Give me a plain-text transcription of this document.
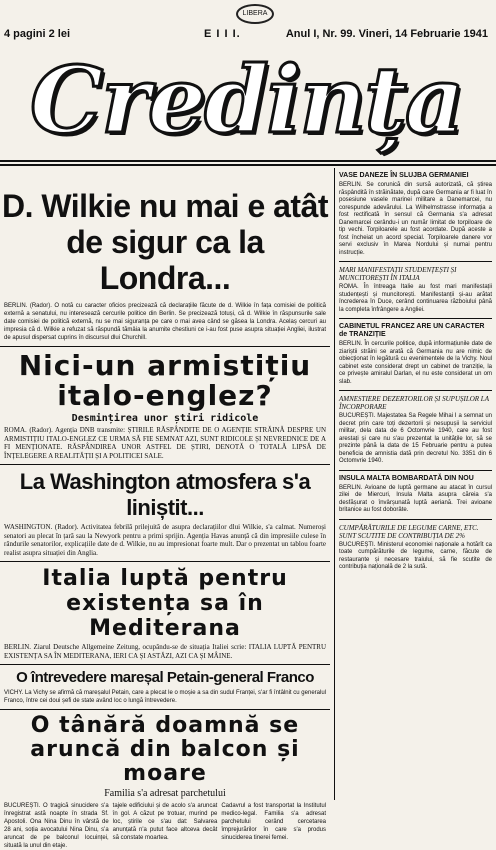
LIBERA
4 pagini 2 lei	E I I I.	Anul I, Nr. 99. Vineri, 14 Februarie 1941
Credința

D. Wilkie nu mai e atât de sigur ca la Londra...

BERLIN. (Rador). O notă cu caracter oficios precizează că declarațiile făcute de d. Wilkie în fața comisiei de politică externă a senatului, nu interesează cercurile politice din Berlin. Se precizează totuși, că d. Wilkie în răspunsurile sale date comisiei de politică externă, nu se mai siguranța pe care o mai avea când se găsea la Londra. Acelaș cercuri au impresia că d. Wilkie a refuzat să răspundă tămâia la anumite chestiuni ce i-au fost puse asupra situației Angliei, ilustrat de apusul dispersat cuprins în discursul dlui Churchill.

Nici-un armistițiu italo-englez?

Desmințirea unor știri ridicole

ROMA. (Rador). Agenția DNB transmite: ȘTIRILE RĂSPÂNDITE DE O AGENȚIE STRĂINĂ DESPRE UN ARMISTIȚIU ITALO-ENGLEZ CE URMA SĂ FIE SEMNAT AZI, SUNT RIDICOLE ȘI NEVREDNICE DE A FI MENȚIONATE. RĂSPÂNDIREA UNOR ASTFEL DE ȘTIRI, DENOTĂ O TOTALĂ LIPSĂ DE ÎNȚELEGERE A REALITĂȚII ȘI A POLITICEI SALE.

La Washington atmosfera s'a liniștit...

WASHINGTON. (Rador). Activitatea febrilă prilejuită de asupra declarațiilor dlui Wilkie, s'a calmat. Numeroși senatori au plecat în țară sau la Newyork pentru a primi sprijin. Agenția Havas anunță că din impresiile culese în rândurile senatorilor, explicațiile date de d. Wilkie, nu au impresionat foarte mult. Dar o prezentat un tablou foarte realist asupra situației din Anglia.

Italia luptă pentru existența sa în Mediterana

BERLIN. Ziarul Deutsche Allgemeine Zeitung, ocupându-se de situația Italiei scrie: ITALIA LUPTĂ PENTRU EXISTENȚA SA ÎN MEDITERANA, IERI CA ȘI ASTĂZI, AZI CA ȘI MÂINE.

O întrevedere mareșal Petain-general Franco

VICHY. La Vichy se afirmă că mareșalul Petain, care a plecat le o moșie a sa din sudul Franței, s'ar fi întâlnit cu generalul Franco, între cei doui șefi de state având loc o lungă întrevedere.

O tânără doamnă se aruncă din balcon și moare

Familia s'a adresat parchetului

BUCUREȘTI. O tragică sinucidere s'a înregistrat astă noapte în strada Sf. Apostoli. Ona Nina Dinu în vârstă de 28 ani, soția avocatului Nina Dinu, s'a aruncat de pe balconul locuinței, situată la unul din etaje.

tajele edificiului și de acolo s'a aruncat în gol. A căzut pe trotuar, murind pe loc, știrile ce s'au dat: Salvarea anunțată n'a putut face altceva decât să constate moartea.

Cadavrul a fost transportat la Institutul medico-legal. Familia s'a adresat parchetului cerând cercetarea împrejurărilor în care s'a produs sinuciderea tinerei femei.

VASE DANEZE ÎN SLUJBA GERMANIEI

BERLIN. Se corunică din sursă autorizată, că știrea răspândită în străinătate, după care Germania ar fi luat în posesiune vasele marinei militare a Danemarcei, nu corespunde adevărului. La Wilhelmstrasse informația a fost rectificată în sensul că Germania s'a adresat Danemarcei cerându-i un număr limitat de torpiloare de tip vechi. Torpiloarele au fost acordate. După aceste a fost încheiat un acord special. Torpiloarele danere vor servi exclusiv în Marea Nordului și numai pentru instrucție.

MARI MANIFESTAȚII STUDENȚEȘTI ȘI MUNCITOREȘTI ÎN ITALIA

ROMA. În întreaga Italie au fost mari manifestații studențești și muncitorești. Manifestanții și-au arătat încrederea în Duce, cerând continuarea războiului până la completa înfrângere a Angliei.

CABINETUL FRANCEZ ARE UN CARACTER de TRANZIȚIE

BERLIN. În cercurile politice, după informațiunile date de ziariștii străini se arată că Germania nu are nimic de obiecționat în legătură cu evenimentele de la Vichy. Noul cabinet este considerat drept un cabinet de tranziție, la ce privește amiralul Darlan, el nu este considerat un om slab.

AMNESTIERE DEZERTORILOR ȘI SUPUȘILOR LA ÎNCORPORARE

BUCUREȘTI. Majestatea Sa Regele Mihai I a semnat un decret prin care toți dezertorii și nesupușii la serviciul militar, dela data de 6 Octomvrie 1940, care au fost arestați și care nu s'au prezentat la unitățile lor, să se prezinte până la data de 15 Februarie pentru a putea beneficia de amnistia dată prin decretul No. 3351 din 6 Octomvrie 1940.

INSULA MALTA BOMBARDATĂ DIN NOU

BERLIN. Avioane de luptă germane au atacat în cursul zilei de Miercuri, Insula Malta asupra căreia s'a desfășurat o învârșunată luptă aeriană. Trei avioane britanice au fost doborâte.

CUMPĂRĂTURILE DE LEGUME CARNE, ETC. SUNT SCUTITE DE CONTRIBUȚIA DE 2%

BUCUREȘTI. Ministerul economiei naționale a hotărît ca toate cumpărăturile de legume, carne, făcute de restaurante și necesare traiului, să fie scutite de contribuția națională de 2 la sută.
